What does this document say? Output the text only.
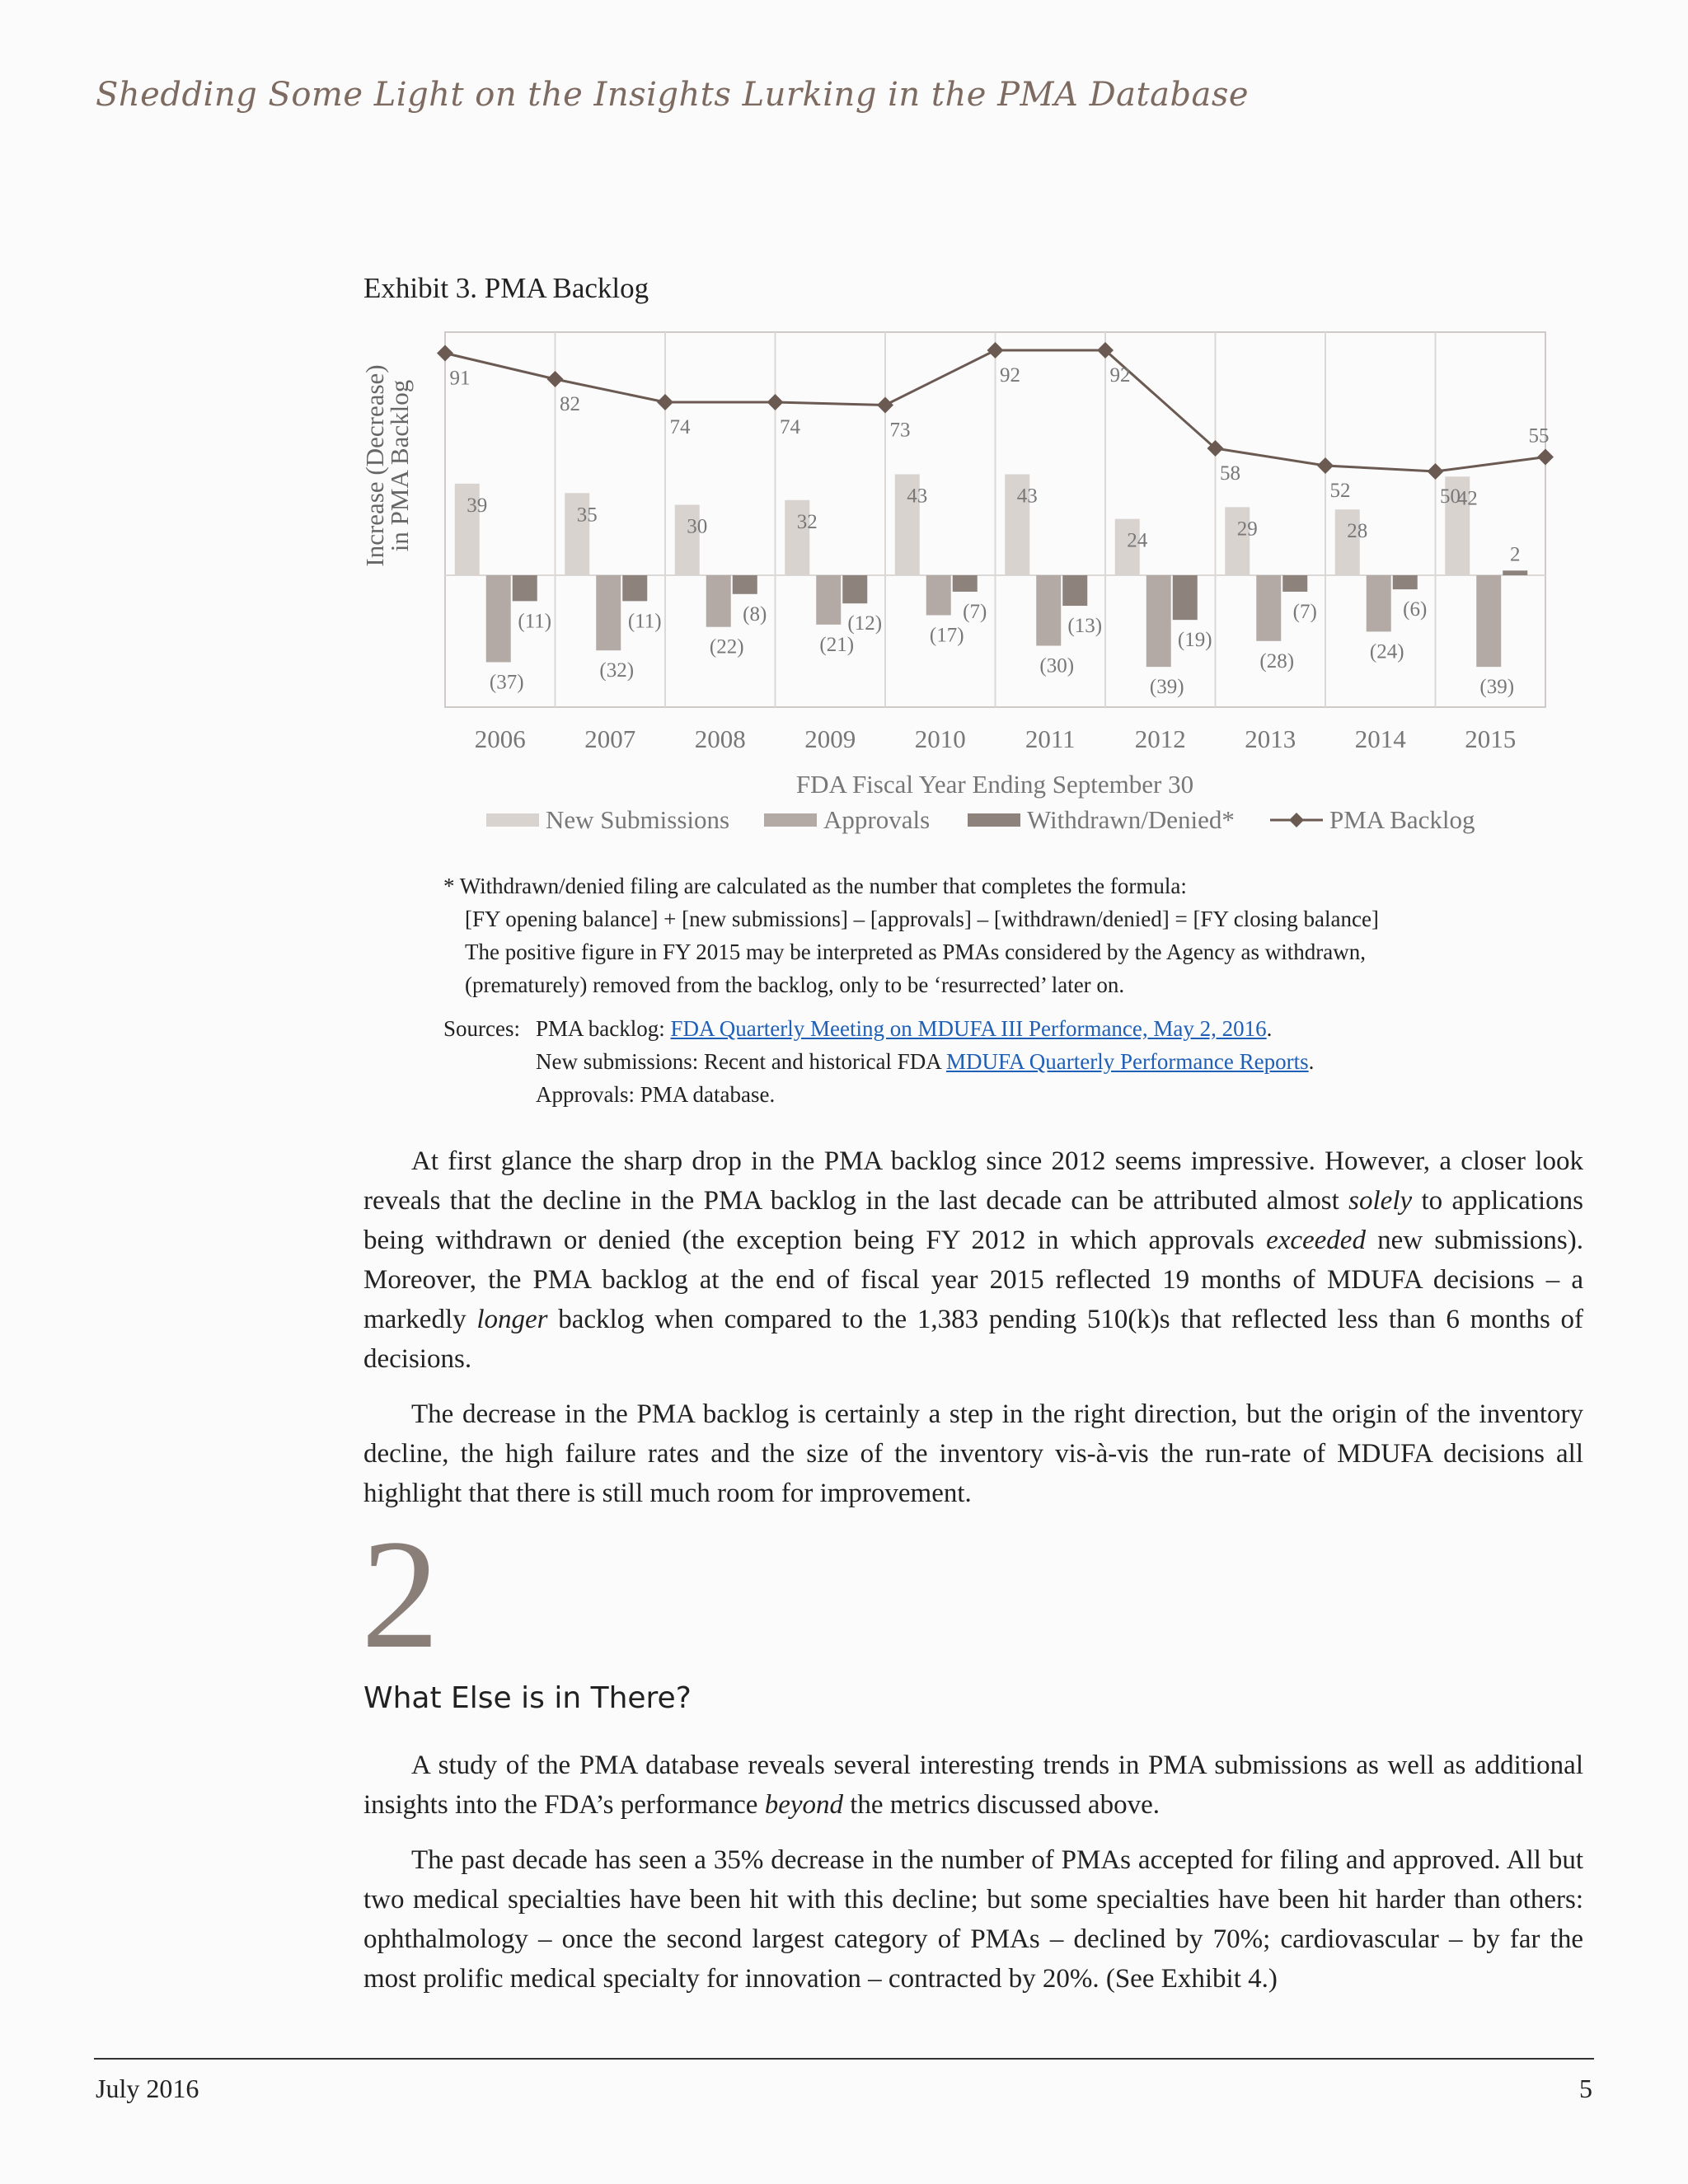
Shedding Some Light on the Insights Lurking in the PMA Database
Exhibit 3. PMA Backlog
Increase (Decrease)
in PMA Backlog	39	35
30	32
43	43
24
29	28
42
(37)
(32)
(22)	(21)	(17)
(30)
(39)
(28)	(24)
(39)
(11)	(11)	(8)	(12)
(7)
(13)
(19)
(7)	(6)
2
91
82
74	74	73
92	92
58
52	50
55
2006 2007 2008 2009 2010 2011 2012 2013 2014 2015
FDA Fiscal Year Ending September 30
New Submissions	Approvals	Withdrawn/Denied*	PMA Backlog
* Withdrawn/denied filing are calculated as the number that completes the formula:
[FY opening balance] + [new submissions] – [approvals] – [withdrawn/denied] = [FY closing balance]
The positive figure in FY 2015 may be interpreted as PMAs considered by the Agency as withdrawn,
(prematurely) removed from the backlog, only to be ‘resurrected’ later on.
Sources: PMA backlog: FDA Quarterly Meeting on MDUFA III Performance, May 2, 2016.
New submissions: Recent and historical FDA MDUFA Quarterly Performance Reports.
Approvals: PMA database.

At first glance the sharp drop in the PMA backlog since 2012 seems impressive. However, a closer look reveals that the decline in the PMA backlog in the last decade can be attributed almost solely to applications being withdrawn or denied (the exception being FY 2012 in which approvals exceeded new submissions). Moreover, the PMA backlog at the end of fiscal year 2015 reflected 19 months of MDUFA decisions – a markedly longer backlog when compared to the 1,383 pending 510(k)s that reflected less than 6 months of decisions.

The decrease in the PMA backlog is certainly a step in the right direction, but the origin of the inventory decline, the high failure rates and the size of the inventory vis-à-vis the run-rate of MDUFA decisions all highlight that there is still much room for improvement.

2
What Else is in There?

A study of the PMA database reveals several interesting trends in PMA submissions as well as additional insights into the FDA’s performance beyond the metrics discussed above.

The past decade has seen a 35% decrease in the number of PMAs accepted for filing and approved. All but two medical specialties have been hit with this decline; but some specialties have been hit harder than others: ophthalmology – once the second largest category of PMAs – declined by 70%; cardiovascular – by far the most prolific medical specialty for innovation – contracted by 20%. (See Exhibit 4.)

July 2016	5
